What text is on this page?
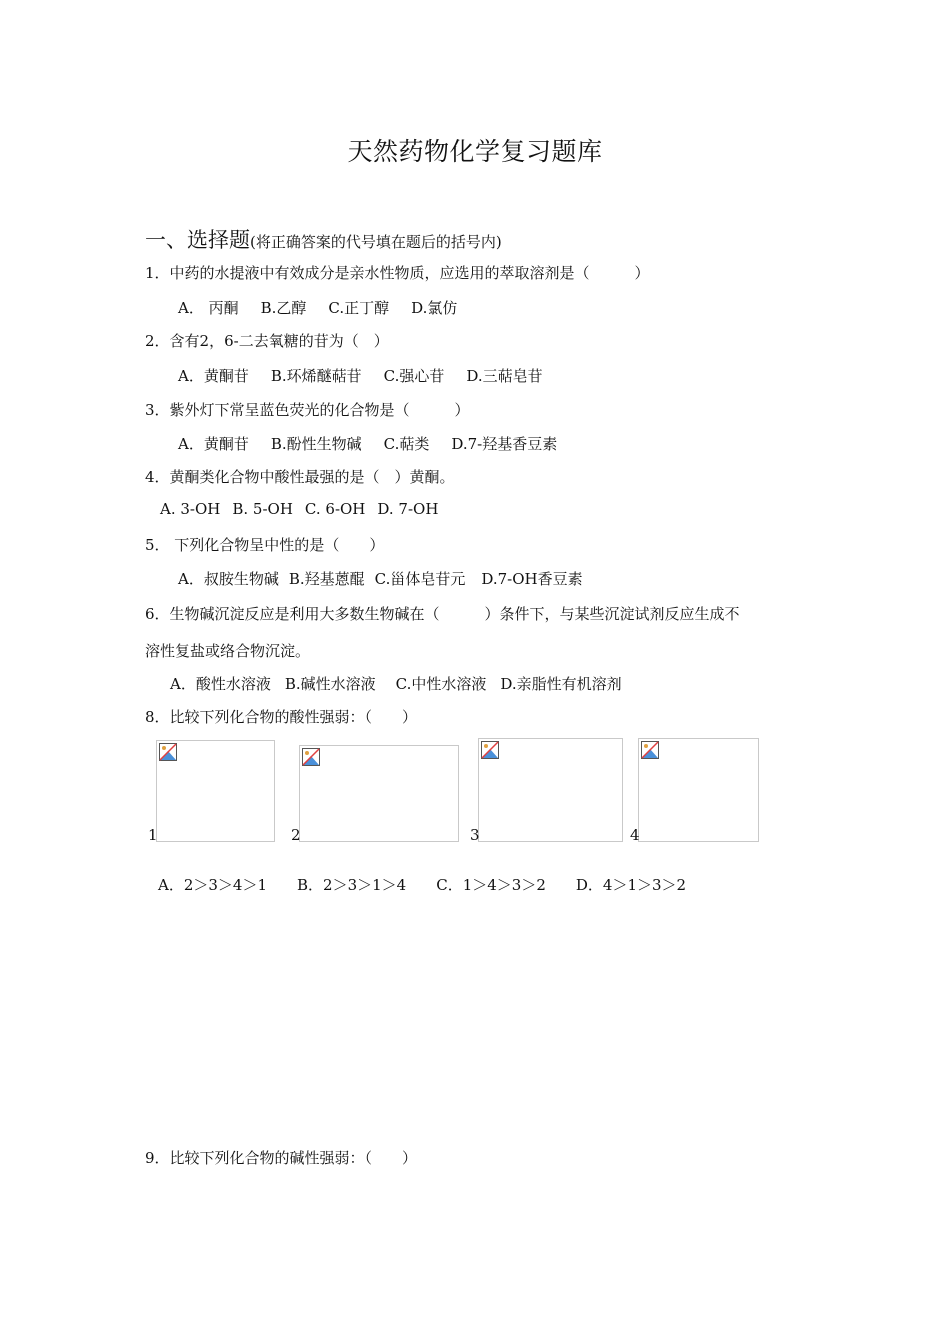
天然药物化学复习题库
一、选择题(将正确答案的代号填在题后的括号内)
1．中药的水提液中有效成分是亲水性物质，应选用的萃取溶剂是（　　　）
A． 丙酮 B.乙醇 C.正丁醇 D.氯仿
2．含有2，6-二去氧糖的苷为（　）
A．黄酮苷 B.环烯醚萜苷 C.强心苷 D.三萜皂苷
3．紫外灯下常呈蓝色荧光的化合物是（　　　）
A．黄酮苷 B.酚性生物碱 C.萜类 D.7-羟基香豆素
4．黄酮类化合物中酸性最强的是（　）黄酮。
A. 3-OH B. 5-OH C. 6-OH D. 7-OH
5． 下列化合物呈中性的是（　　）
A．叔胺生物碱 B.羟基蒽醌 C.甾体皂苷元 D.7-OH香豆素
6．生物碱沉淀反应是利用大多数生物碱在（　　　）条件下，与某些沉淀试剂反应生成不
溶性复盐或络合物沉淀。
A．酸性水溶液 B.碱性水溶液 C.中性水溶液 D.亲脂性有机溶剂
8．比较下列化合物的酸性强弱：（　　）
1	2	3	4
A．2＞3＞4＞1 B．2＞3＞1＞4 C．1＞4＞3＞2 D．4＞1＞3＞2
9．比较下列化合物的碱性强弱：（　　）
